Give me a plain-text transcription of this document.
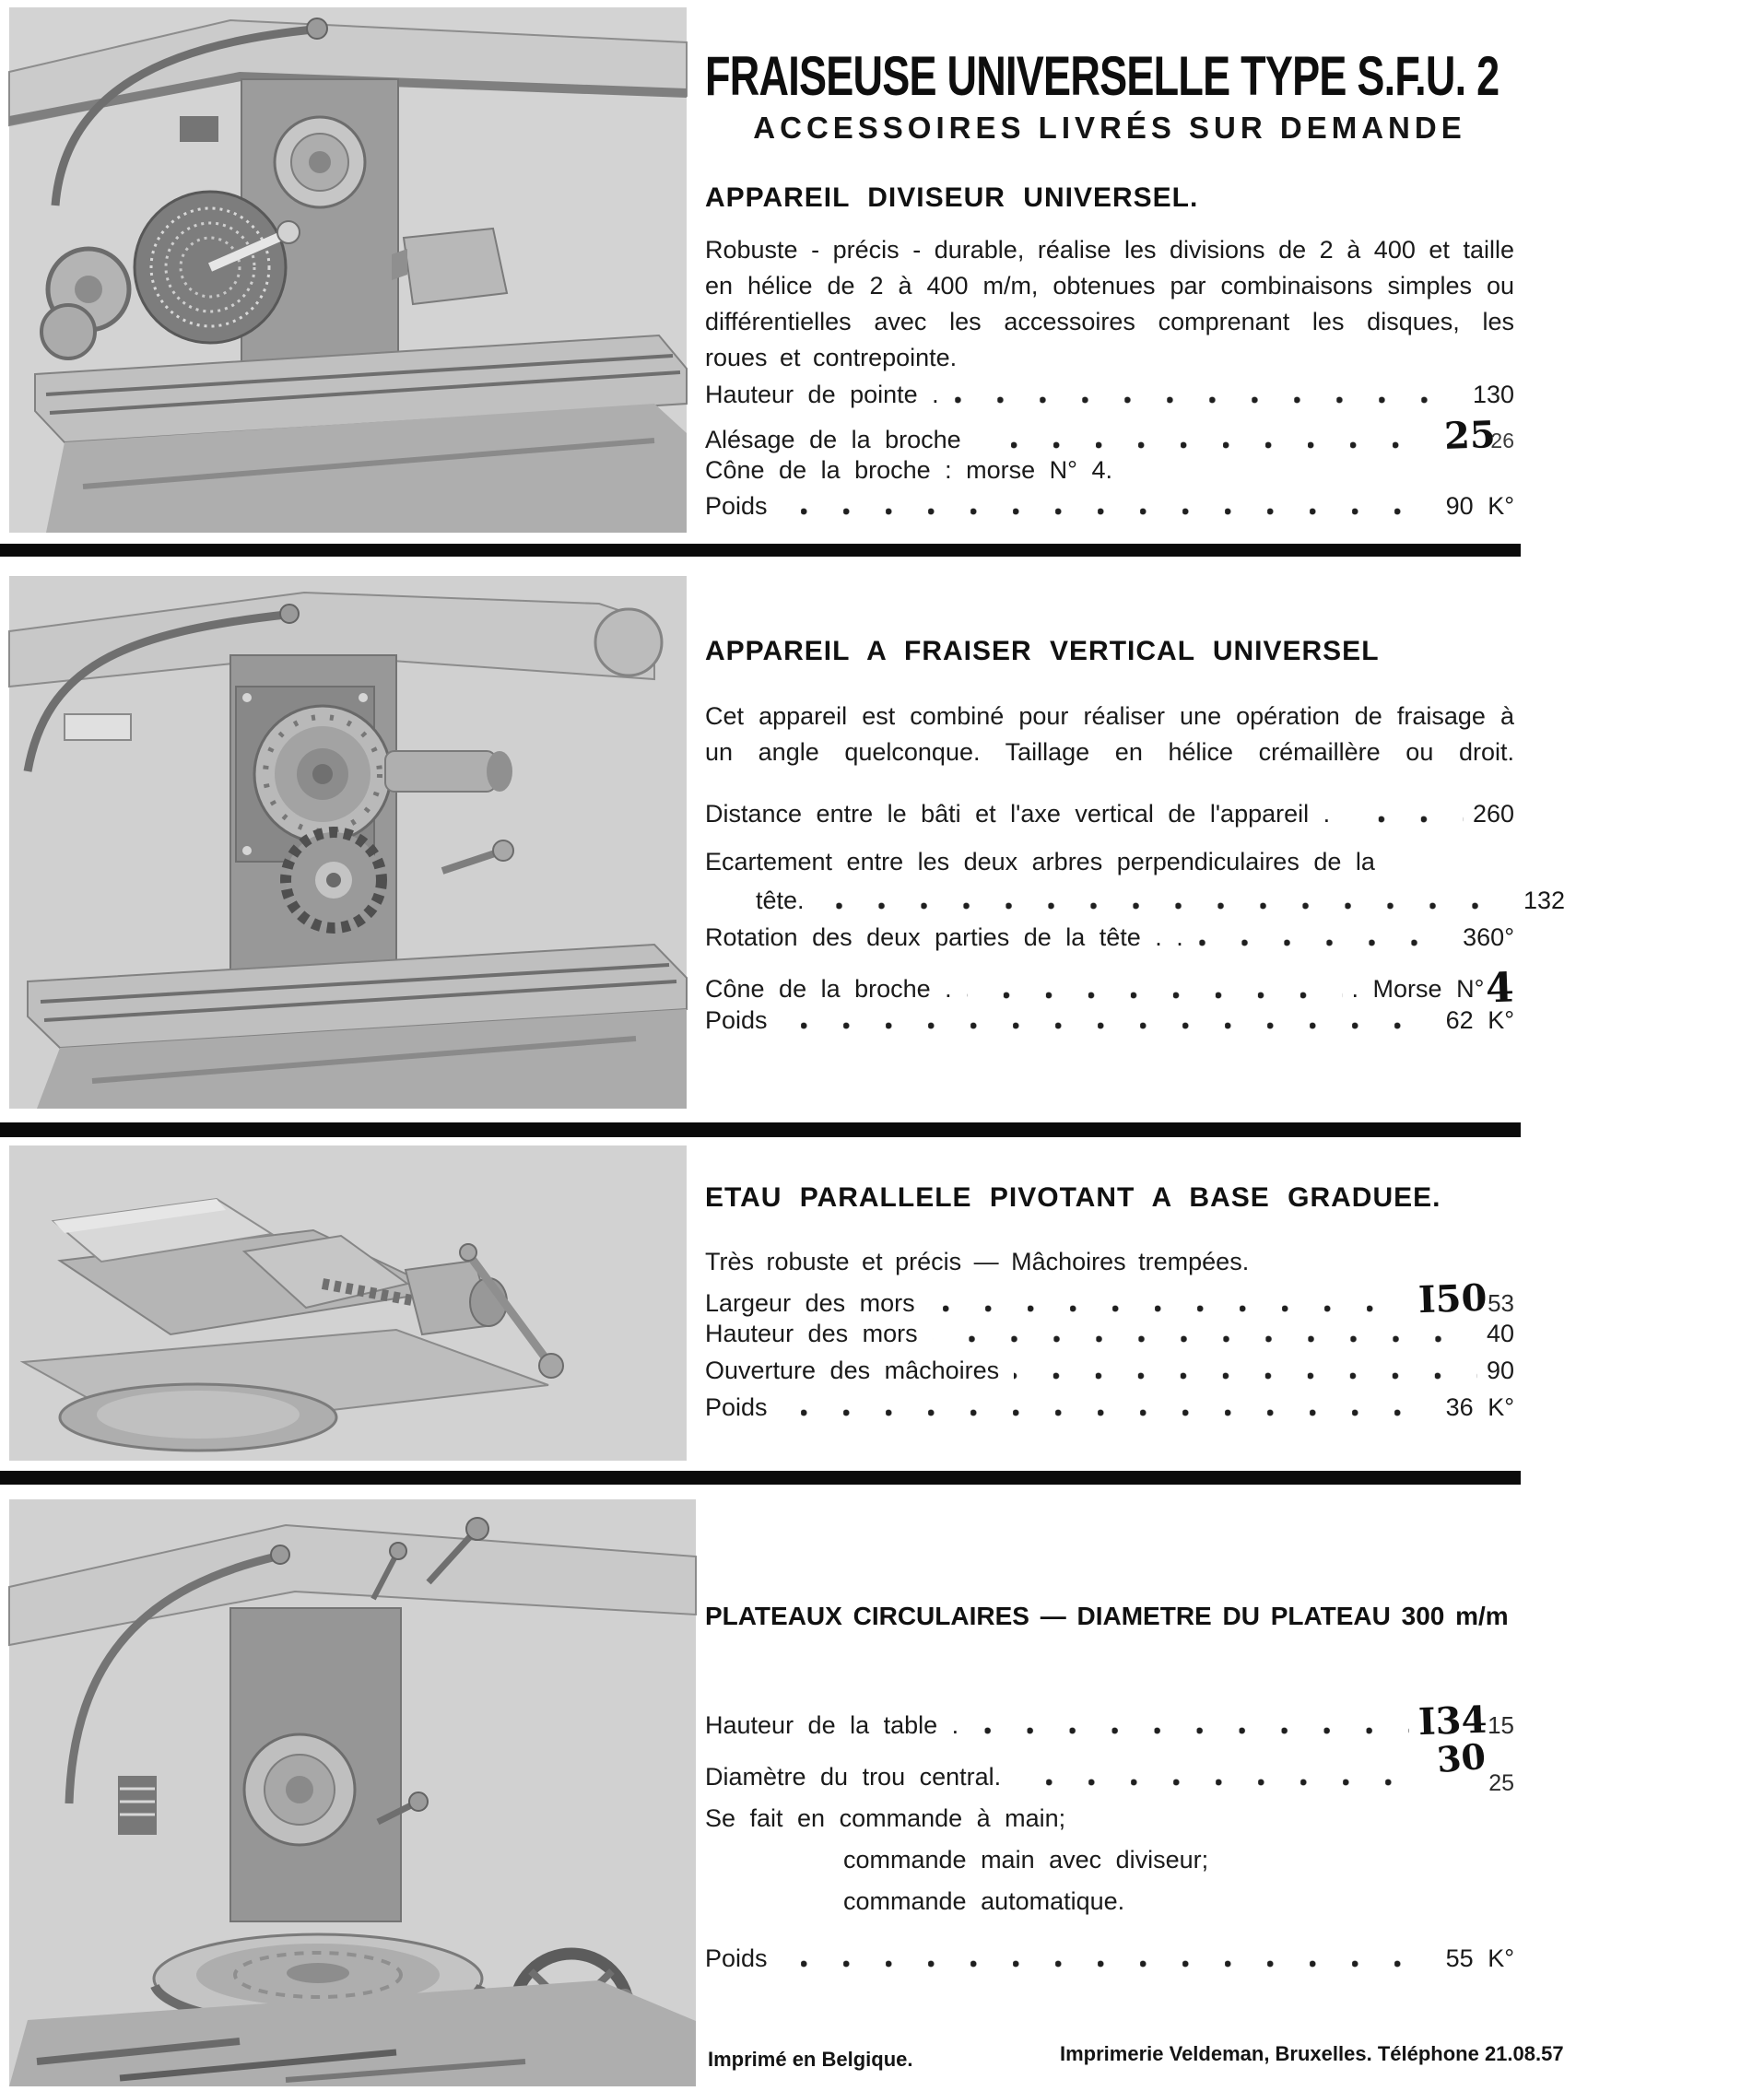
FRAISEUSE UNIVERSELLE TYPE S.F.U. 2
ACCESSOIRES LIVRÉS SUR DEMANDE
APPAREIL DIVISEUR UNIVERSEL.
Robuste - précis - durable, réalise les divisions de 2 à 400 et taille en hélice de 2 à 400 m/m, obtenues par combinaisons simples ou différentielles avec les accessoires comprenant les disques, les roues et contrepointe.
Hauteur de pointe .	130
Alésage de la broche	2526
Cône de la broche : morse N° 4.
Poids	90 K°
APPAREIL A FRAISER VERTICAL UNIVERSEL
Cet appareil est combiné pour réaliser une opération de fraisage à un angle quelconque. Taillage en hélice crémaillère ou droit.
Distance entre le bâti et l'axe vertical de l'appareil .	260
Ecartement entre les deux arbres perpendiculaires de la
tête.	132
Rotation des deux parties de la tête . .	360°
Cône de la broche .	. Morse N°4
Poids	62 K°
ETAU PARALLELE PIVOTANT A BASE GRADUEE.
Très robuste et précis — Mâchoires trempées.
Largeur des mors	I5053
Hauteur des mors	40
Ouverture des mâchoires	90
Poids	36 K°
PLATEAUX CIRCULAIRES — DIAMETRE DU PLATEAU 300 m/m
Hauteur de la table .	I3415
Diamètre du trou central.	3025
Se fait en commande à main;
commande main avec diviseur;
commande automatique.
Poids	55 K°
Imprimé en Belgique.	Imprimerie Veldeman, Bruxelles. Téléphone 21.08.57
